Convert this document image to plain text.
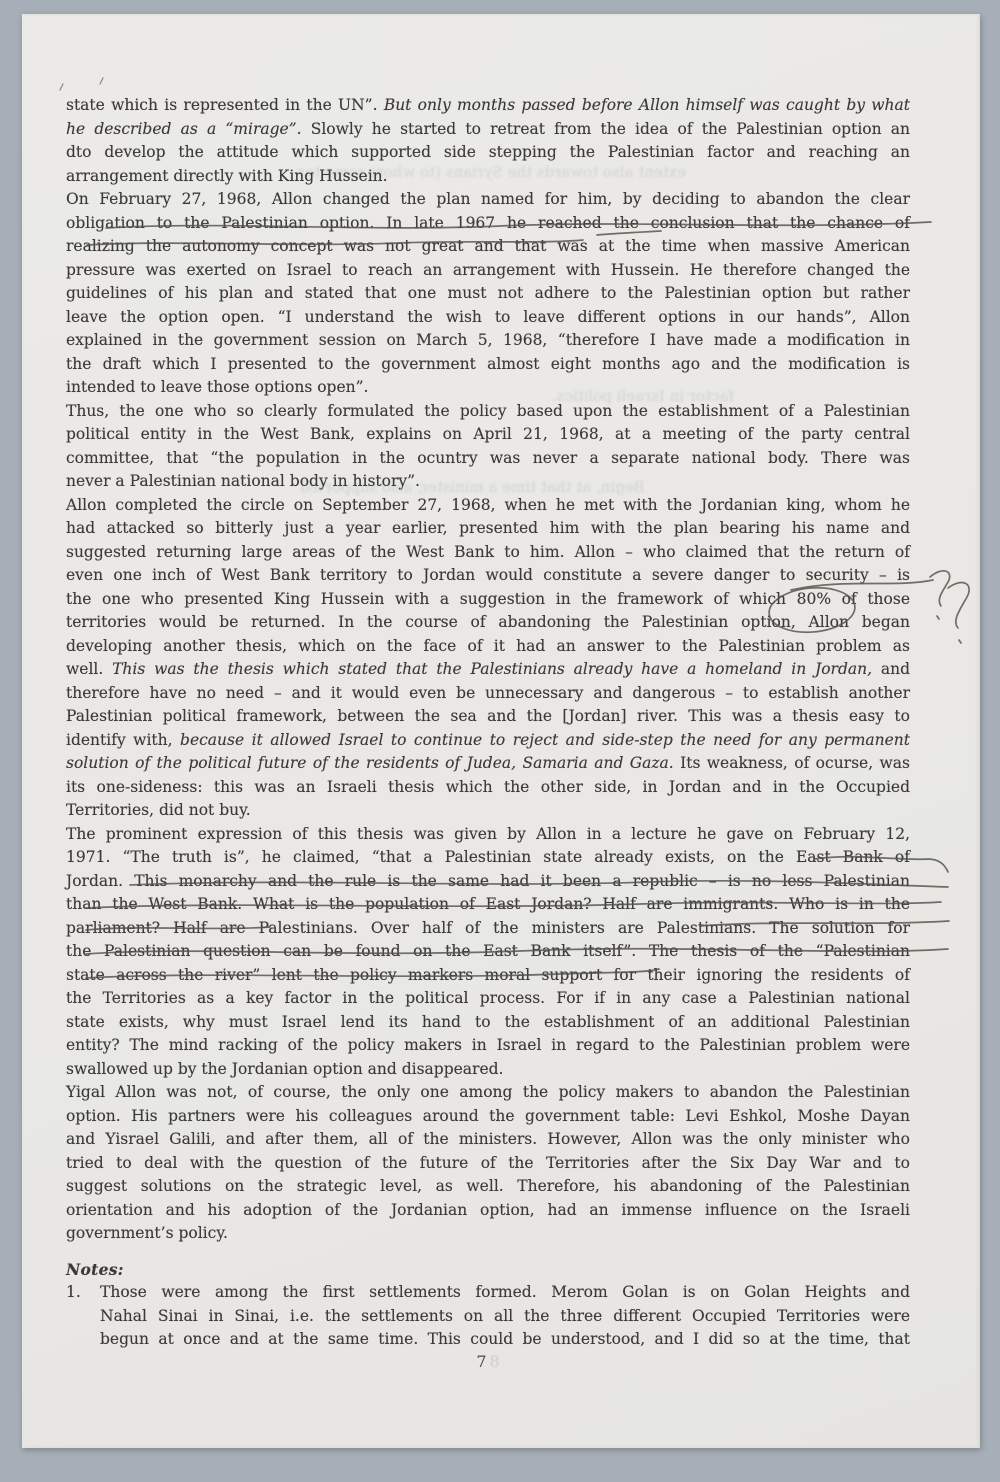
extent also towards the Syrians (to whom some ter
factor in Israeli politics.
Begin, at that time a minister, also supported
state which is represented in the UN”. But only months passed before Allon himself was caught by what
he described as a “mirage”. Slowly he started to retreat from the idea of the Palestinian option an
dto develop the attitude which supported side stepping the Palestinian factor and reaching an
arrangement directly with King Hussein.
On February 27, 1968, Allon changed the plan named for him, by deciding to abandon the clear
obligation to the Palestinian option. In late 1967 he reached the conclusion that the chance of
realizing the autonomy concept was not great and that was at the time when massive American
pressure was exerted on Israel to reach an arrangement with Hussein. He therefore changed the
guidelines of his plan and stated that one must not adhere to the Palestinian option but rather
leave the option open. “I understand the wish to leave different options in our hands”, Allon
explained in the government session on March 5, 1968, “therefore I have made a modification in
the draft which I presented to the government almost eight months ago and the modification is
intended to leave those options open”.
Thus, the one who so clearly formulated the policy based upon the establishment of a Palestinian
political entity in the West Bank, explains on April 21, 1968, at a meeting of the party central
committee, that “the population in the ocuntry was never a separate national body. There was
never a Palestinian national body in history”.
Allon completed the circle on September 27, 1968, when he met with the Jordanian king, whom he
had attacked so bitterly just a year earlier, presented him with the plan bearing his name and
suggested returning large areas of the West Bank to him. Allon – who claimed that the return of
even one inch of West Bank territory to Jordan would constitute a severe danger to security – is
the one who presented King Hussein with a suggestion in the framework of which 80% of those
territories would be returned. In the course of abandoning the Palestinian option, Allon began
developing another thesis, which on the face of it had an answer to the Palestinian problem as
well. This was the thesis which stated that the Palestinians already have a homeland in Jordan, and
therefore have no need – and it would even be unnecessary and dangerous – to establish another
Palestinian political framework, between the sea and the [Jordan] river. This was a thesis easy to
identify with, because it allowed Israel to continue to reject and side-step the need for any permanent
solution of the political future of the residents of Judea, Samaria and Gaza. Its weakness, of ocurse, was
its one-sideness: this was an Israeli thesis which the other side, in Jordan and in the Occupied
Territories, did not buy.
The prominent expression of this thesis was given by Allon in a lecture he gave on February 12,
1971. “The truth is”, he claimed, “that a Palestinian state already exists, on the East Bank of
Jordan. This monarchy and the rule is the same had it been a republic – is no less Palestinian
than the West Bank. What is the population of East Jordan? Half are immigrants. Who is in the
parliament? Half are Palestinians. Over half of the ministers are Palestinians. The solution for
the Palestinian question can be found on the East Bank itself”. The thesis of the “Palestinian
state across the river” lent the policy markers moral support for their ignoring the residents of
the Territories as a key factor in the political process. For if in any case a Palestinian national
state exists, why must Israel lend its hand to the establishment of an additional Palestinian
entity? The mind racking of the policy makers in Israel in regard to the Palestinian problem were
swallowed up by the Jordanian option and disappeared.
Yigal Allon was not, of course, the only one among the policy makers to abandon the Palestinian
option. His partners were his colleagues around the government table: Levi Eshkol, Moshe Dayan
and Yisrael Galili, and after them, all of the ministers. However, Allon was the only minister who
tried to deal with the question of the future of the Territories after the Six Day War and to
suggest solutions on the strategic level, as well. Therefore, his abandoning of the Palestinian
orientation and his adoption of the Jordanian option, had an immense influence on the Israeli
government’s policy.
Notes:
1. Those were among the first settlements formed. Merom Golan is on Golan Heights and
Nahal Sinai in Sinai, i.e. the settlements on all the three different Occupied Territories were
begun at once and at the same time. This could be understood, and I did so at the time, that
7 8
